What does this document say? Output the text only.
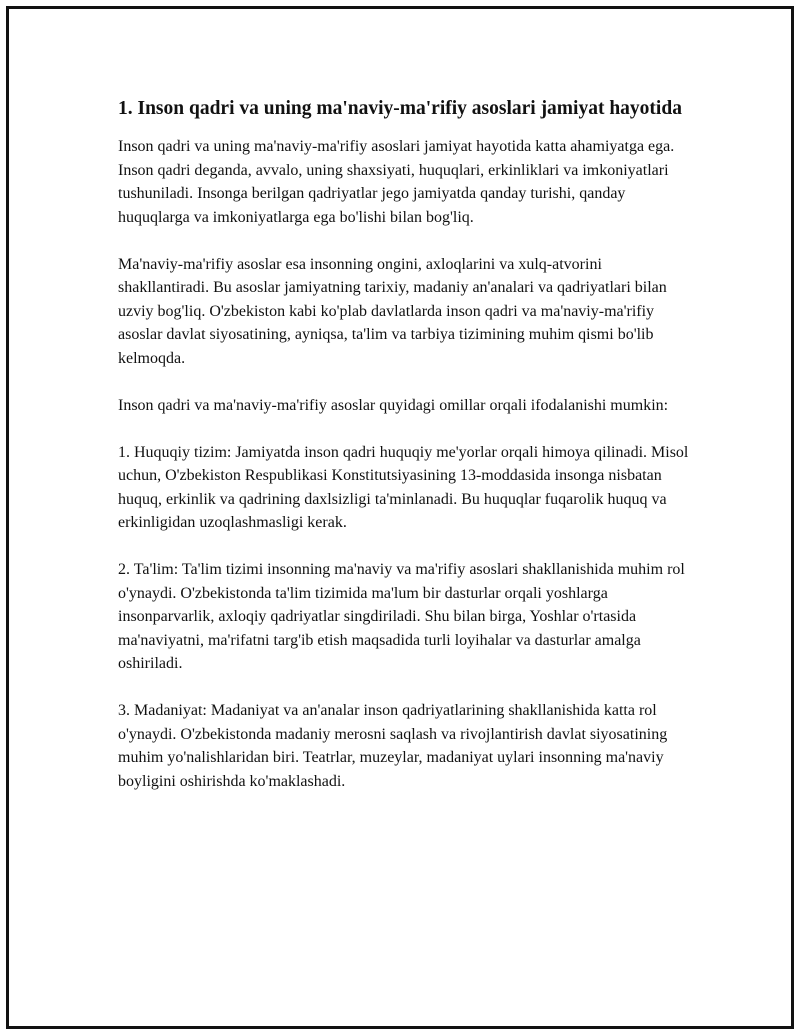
1. Inson qadri va uning ma'naviy-ma'rifiy asoslari jamiyat hayotida

Inson qadri va uning ma'naviy-ma'rifiy asoslari jamiyat hayotida katta ahamiyatga ega. Inson qadri deganda, avvalo, uning shaxsiyati, huquqlari, erkinliklari va imkoniyatlari tushuniladi. Insonga berilgan qadriyatlar jego jamiyatda qanday turishi, qanday huquqlarga va imkoniyatlarga ega bo'lishi bilan bog'liq.

Ma'naviy-ma'rifiy asoslar esa insonning ongini, axloqlarini va xulq-atvorini shakllantiradi. Bu asoslar jamiyatning tarixiy, madaniy an'analari va qadriyatlari bilan uzviy bog'liq. O'zbekiston kabi ko'plab davlatlarda inson qadri va ma'naviy-ma'rifiy asoslar davlat siyosatining, ayniqsa, ta'lim va tarbiya tizimining muhim qismi bo'lib kelmoqda.

Inson qadri va ma'naviy-ma'rifiy asoslar quyidagi omillar orqali ifodalanishi mumkin:

1. Huquqiy tizim: Jamiyatda inson qadri huquqiy me'yorlar orqali himoya qilinadi. Misol uchun, O'zbekiston Respublikasi Konstitutsiyasining 13-moddasida insonga nisbatan huquq, erkinlik va qadrining daxlsizligi ta'minlanadi. Bu huquqlar fuqarolik huquq va erkinligidan uzoqlashmasligi kerak.

2. Ta'lim: Ta'lim tizimi insonning ma'naviy va ma'rifiy asoslari shakllanishida muhim rol o'ynaydi. O'zbekistonda ta'lim tizimida ma'lum bir dasturlar orqali yoshlarga insonparvarlik, axloqiy qadriyatlar singdiriladi. Shu bilan birga, Yoshlar o'rtasida ma'naviyatni, ma'rifatni targ'ib etish maqsadida turli loyihalar va dasturlar amalga oshiriladi.

3. Madaniyat: Madaniyat va an'analar inson qadriyatlarining shakllanishida katta rol o'ynaydi. O'zbekistonda madaniy merosni saqlash va rivojlantirish davlat siyosatining muhim yo'nalishlaridan biri. Teatrlar, muzeylar, madaniyat uylari insonning ma'naviy boyligini oshirishda ko'maklashadi.
